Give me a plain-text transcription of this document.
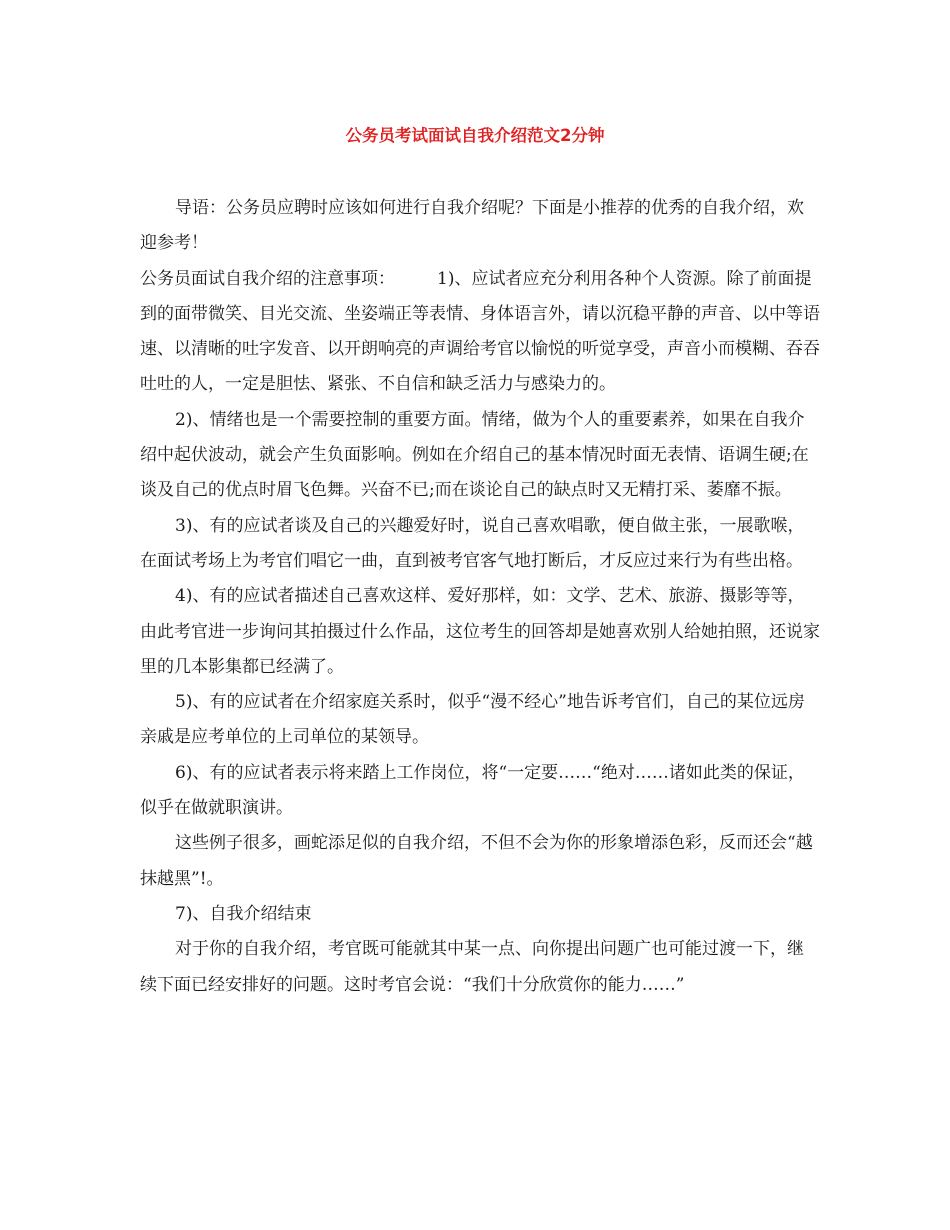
公务员考试面试自我介绍范文2分钟

导语：公务员应聘时应该如何进行自我介绍呢？下面是小推荐的优秀的自我介绍，欢迎参考！

公务员面试自我介绍的注意事项： 1)、应试者应充分利用各种个人资源。除了前面提到的面带微笑、目光交流、坐姿端正等表情、身体语言外，请以沉稳平静的声音、以中等语速、以清晰的吐字发音、以开朗响亮的声调给考官以愉悦的听觉享受，声音小而模糊、吞吞吐吐的人，一定是胆怯、紧张、不自信和缺乏活力与感染力的。

2)、情绪也是一个需要控制的重要方面。情绪，做为个人的重要素养，如果在自我介绍中起伏波动，就会产生负面影响。例如在介绍自己的基本情况时面无表情、语调生硬;在谈及自己的优点时眉飞色舞。兴奋不已;而在谈论自己的缺点时又无精打采、萎靡不振。

3)、有的应试者谈及自己的兴趣爱好时，说自己喜欢唱歌，便自做主张，一展歌喉，在面试考场上为考官们唱它一曲，直到被考官客气地打断后，才反应过来行为有些出格。

4)、有的应试者描述自己喜欢这样、爱好那样，如：文学、艺术、旅游、摄影等等，由此考官进一步询问其拍摄过什么作品，这位考生的回答却是她喜欢别人给她拍照，还说家里的几本影集都已经满了。

5)、有的应试者在介绍家庭关系时，似乎“漫不经心”地告诉考官们，自己的某位远房亲戚是应考单位的上司单位的某领导。

6)、有的应试者表示将来踏上工作岗位，将“一定要……“绝对……诸如此类的保证，似乎在做就职演讲。

这些例子很多，画蛇添足似的自我介绍，不但不会为你的形象增添色彩，反而还会“越抹越黑”!。

7)、自我介绍结束

对于你的自我介绍，考官既可能就其中某一点、向你提出问题广也可能过渡一下，继续下面已经安排好的问题。这时考官会说：“我们十分欣赏你的能力……”
